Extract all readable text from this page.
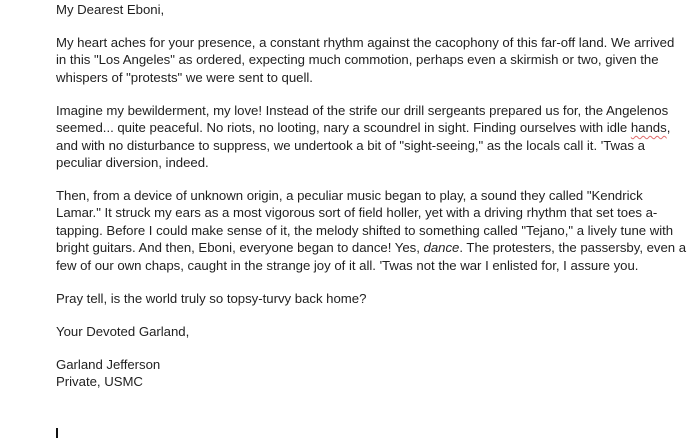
My Dearest Eboni,

My heart aches for your presence, a constant rhythm against the cacophony of this far-off land. We arrived in this "Los Angeles" as ordered, expecting much commotion, perhaps even a skirmish or two, given the whispers of "protests" we were sent to quell.

Imagine my bewilderment, my love! Instead of the strife our drill sergeants prepared us for, the Angelenos seemed... quite peaceful. No riots, no looting, nary a scoundrel in sight. Finding ourselves with idle hands, and with no disturbance to suppress, we undertook a bit of "sight-seeing," as the locals call it. 'Twas a peculiar diversion, indeed.

Then, from a device of unknown origin, a peculiar music began to play, a sound they called "Kendrick Lamar." It struck my ears as a most vigorous sort of field holler, yet with a driving rhythm that set toes a-tapping. Before I could make sense of it, the melody shifted to something called "Tejano," a lively tune with bright guitars. And then, Eboni, everyone began to dance! Yes, dance. The protesters, the passersby, even a few of our own chaps, caught in the strange joy of it all. 'Twas not the war I enlisted for, I assure you.

Pray tell, is the world truly so topsy-turvy back home?

Your Devoted Garland,

Garland Jefferson

Private, USMC
